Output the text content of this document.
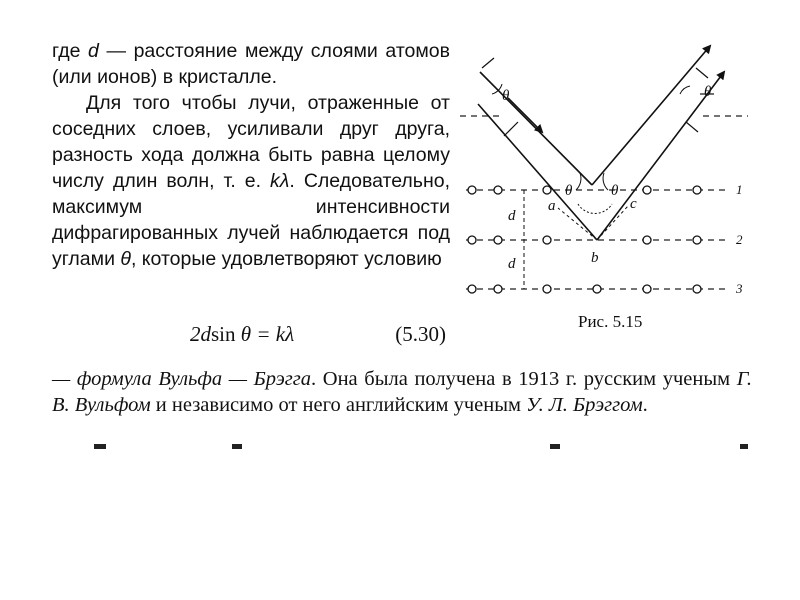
где d — расстояние между слоями атомов (или ионов) в кристалле.

Для того чтобы лучи, отраженные от соседних слоев, усиливали друг друга, разность хода должна быть равна целому числу длин волн, т. е. kλ. Следовательно, максимум интенсивности дифрагированных лучей наблюдается под углами θ, которые удовлетворяют условию

2dsin θ = kλ	(5.30)

— формула Вульфа — Брэгга. Она была получена в 1913 г. русским ученым Г. В. Вульфом и независимо от него английским ученым У. Л. Брэггом.

a
b
c
θ	θ
θ	θ
d
d
1
2
3
Рис. 5.15
